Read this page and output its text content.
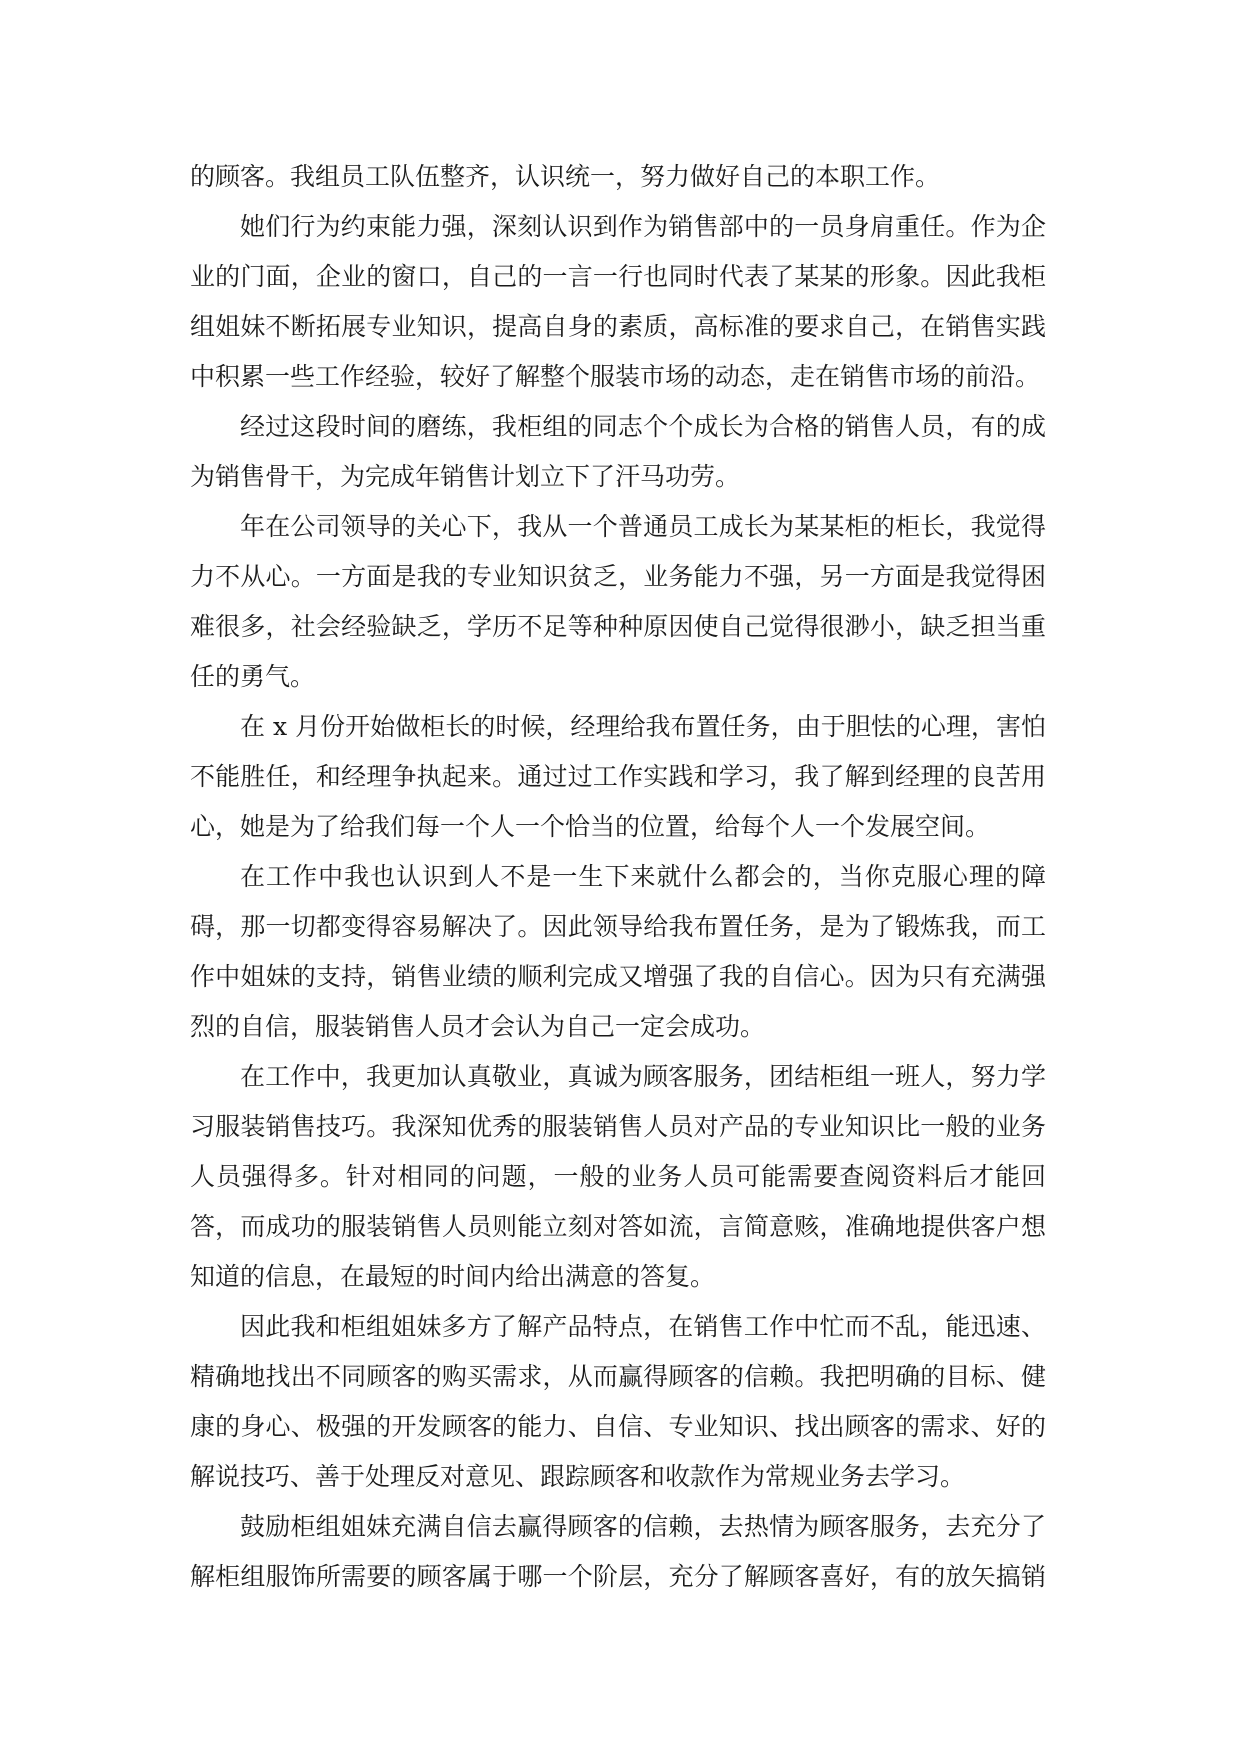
的顾客。我组员工队伍整齐，认识统一，努力做好自己的本职工作。
她们行为约束能力强，深刻认识到作为销售部中的一员身肩重任。作为企
业的门面，企业的窗口，自己的一言一行也同时代表了某某的形象。因此我柜
组姐妹不断拓展专业知识，提高自身的素质，高标准的要求自己，在销售实践
中积累一些工作经验，较好了解整个服装市场的动态，走在销售市场的前沿。
经过这段时间的磨练，我柜组的同志个个成长为合格的销售人员，有的成
为销售骨干，为完成年销售计划立下了汗马功劳。
年在公司领导的关心下，我从一个普通员工成长为某某柜的柜长，我觉得
力不从心。一方面是我的专业知识贫乏，业务能力不强，另一方面是我觉得困
难很多，社会经验缺乏，学历不足等种种原因使自己觉得很渺小，缺乏担当重
任的勇气。
在 x 月份开始做柜长的时候，经理给我布置任务，由于胆怯的心理，害怕
不能胜任，和经理争执起来。通过过工作实践和学习，我了解到经理的良苦用
心，她是为了给我们每一个人一个恰当的位置，给每个人一个发展空间。
在工作中我也认识到人不是一生下来就什么都会的，当你克服心理的障
碍，那一切都变得容易解决了。因此领导给我布置任务，是为了锻炼我，而工
作中姐妹的支持，销售业绩的顺利完成又增强了我的自信心。因为只有充满强
烈的自信，服装销售人员才会认为自己一定会成功。
在工作中，我更加认真敬业，真诚为顾客服务，团结柜组一班人，努力学
习服装销售技巧。我深知优秀的服装销售人员对产品的专业知识比一般的业务
人员强得多。针对相同的问题，一般的业务人员可能需要查阅资料后才能回
答，而成功的服装销售人员则能立刻对答如流，言简意赅，准确地提供客户想
知道的信息，在最短的时间内给出满意的答复。
因此我和柜组姐妹多方了解产品特点，在销售工作中忙而不乱，能迅速、
精确地找出不同顾客的购买需求，从而赢得顾客的信赖。我把明确的目标、健
康的身心、极强的开发顾客的能力、自信、专业知识、找出顾客的需求、好的
解说技巧、善于处理反对意见、跟踪顾客和收款作为常规业务去学习。
鼓励柜组姐妹充满自信去赢得顾客的信赖，去热情为顾客服务，去充分了
解柜组服饰所需要的顾客属于哪一个阶层，充分了解顾客喜好，有的放矢搞销
